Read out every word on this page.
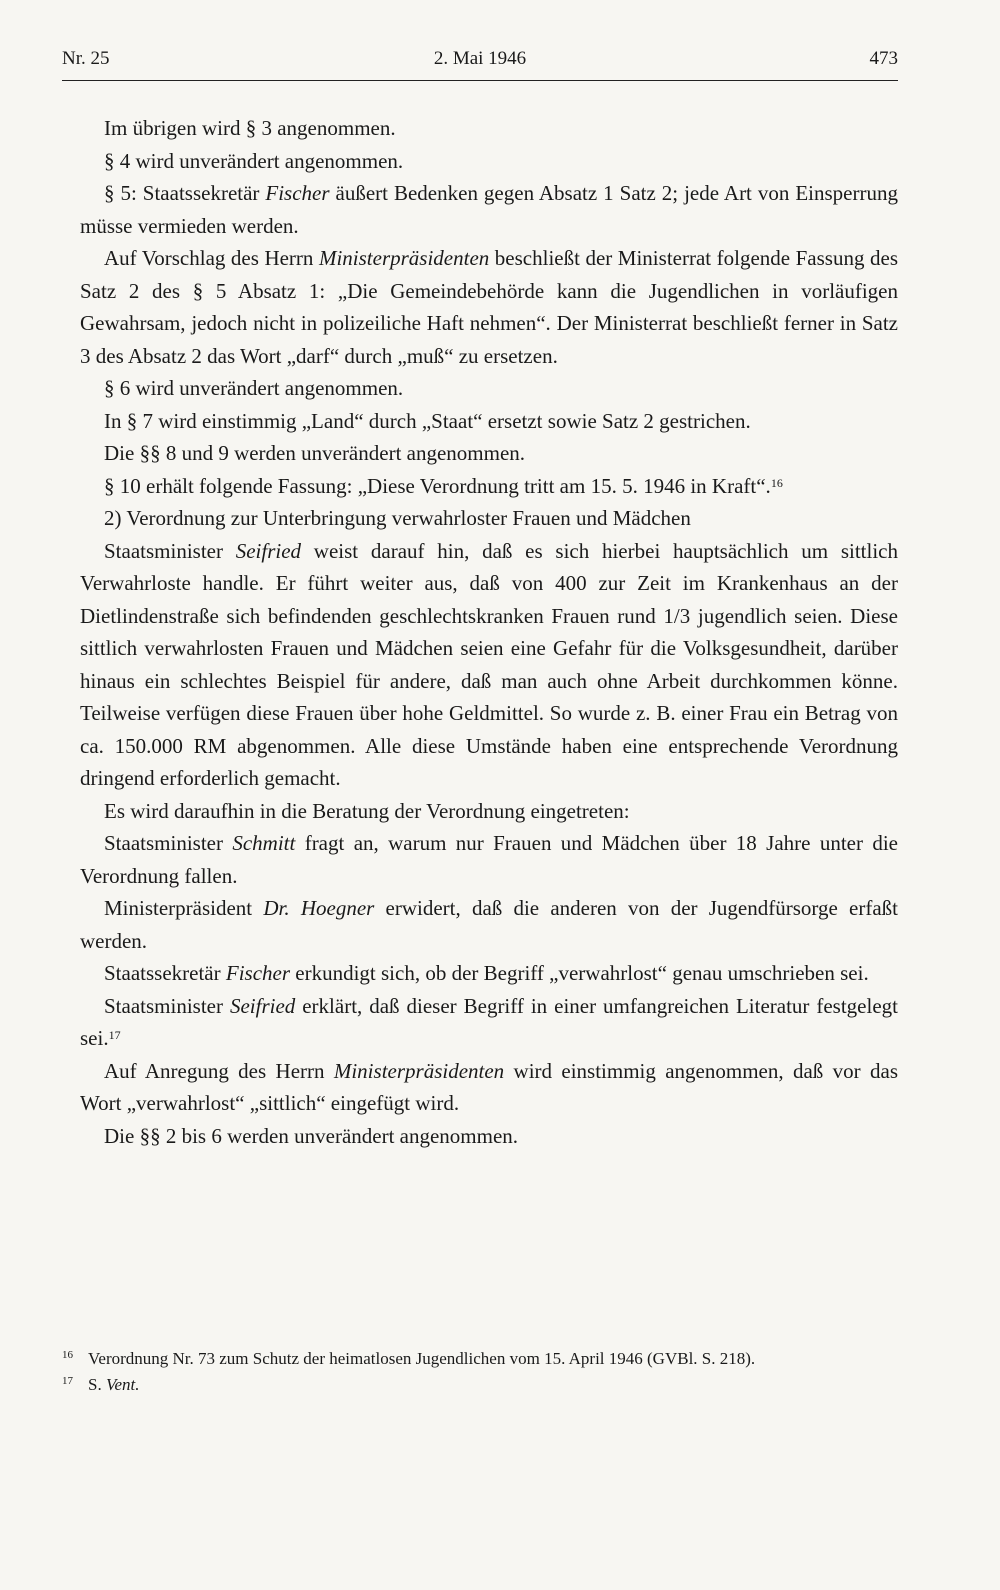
Nr. 25	2. Mai 1946	473

Im übrigen wird § 3 angenommen.

§ 4 wird unverändert angenommen.

§ 5: Staatssekretär Fischer äußert Bedenken gegen Absatz 1 Satz 2; jede Art von Einsperrung müsse vermieden werden.

Auf Vorschlag des Herrn Ministerpräsidenten beschließt der Ministerrat folgende Fassung des Satz 2 des § 5 Absatz 1: „Die Gemeindebehörde kann die Jugendlichen in vorläufigen Gewahrsam, jedoch nicht in polizeiliche Haft nehmen“. Der Ministerrat beschließt ferner in Satz 3 des Absatz 2 das Wort „darf“ durch „muß“ zu ersetzen.

§ 6 wird unverändert angenommen.

In § 7 wird einstimmig „Land“ durch „Staat“ ersetzt sowie Satz 2 gestrichen.

Die §§ 8 und 9 werden unverändert angenommen.

§ 10 erhält folgende Fassung: „Diese Verordnung tritt am 15. 5. 1946 in Kraft“.$^{16}$

2) Verordnung zur Unterbringung verwahrloster Frauen und Mädchen

Staatsminister Seifried weist darauf hin, daß es sich hierbei hauptsächlich um sittlich Verwahrloste handle. Er führt weiter aus, daß von 400 zur Zeit im Krankenhaus an der Dietlindenstraße sich befindenden geschlechtskranken Frauen rund 1/3 jugendlich seien. Diese sittlich verwahrlosten Frauen und Mädchen seien eine Gefahr für die Volksgesundheit, darüber hinaus ein schlechtes Beispiel für andere, daß man auch ohne Arbeit durchkommen könne. Teilweise verfügen diese Frauen über hohe Geldmittel. So wurde z. B. einer Frau ein Betrag von ca. 150.000 RM abgenommen. Alle diese Umstände haben eine entsprechende Verordnung dringend erforderlich gemacht.

Es wird daraufhin in die Beratung der Verordnung eingetreten:

Staatsminister Schmitt fragt an, warum nur Frauen und Mädchen über 18 Jahre unter die Verordnung fallen.

Ministerpräsident Dr. Hoegner erwidert, daß die anderen von der Jugendfürsorge erfaßt werden.

Staatssekretär Fischer erkundigt sich, ob der Begriff „verwahrlost“ genau umschrieben sei.

Staatsminister Seifried erklärt, daß dieser Begriff in einer umfangreichen Literatur festgelegt sei.$^{17}$

Auf Anregung des Herrn Ministerpräsidenten wird einstimmig angenommen, daß vor das Wort „verwahrlost“ „sittlich“ eingefügt wird.

Die §§ 2 bis 6 werden unverändert angenommen.

16 Verordnung Nr. 73 zum Schutz der heimatlosen Jugendlichen vom 15. April 1946 (GVBl. S. 218).
17 S. Vent.
